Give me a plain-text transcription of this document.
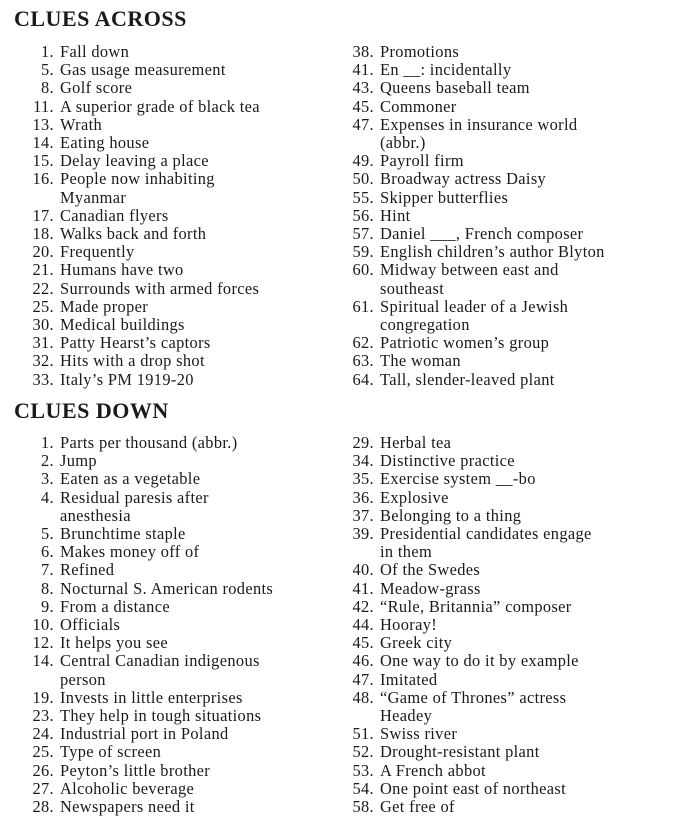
CLUES ACROSS
1. Fall down
5. Gas usage measurement
8. Golf score
11. A superior grade of black tea
13. Wrath
14. Eating house
15. Delay leaving a place
16. People now inhabiting
Myanmar
17. Canadian flyers
18. Walks back and forth
20. Frequently
21. Humans have two
22. Surrounds with armed forces
25. Made proper
30. Medical buildings
31. Patty Hearst’s captors
32. Hits with a drop shot
33. Italy’s PM 1919-20
38. Promotions
41. En __: incidentally
43. Queens baseball team
45. Commoner
47. Expenses in insurance world
(abbr.)
49. Payroll firm
50. Broadway actress Daisy
55. Skipper butterflies
56. Hint
57. Daniel ___, French composer
59. English children’s author Blyton
60. Midway between east and
southeast
61. Spiritual leader of a Jewish
congregation
62. Patriotic women’s group
63. The woman
64. Tall, slender-leaved plant
CLUES DOWN
1. Parts per thousand (abbr.)
2. Jump
3. Eaten as a vegetable
4. Residual paresis after
anesthesia
5. Brunchtime staple
6. Makes money off of
7. Refined
8. Nocturnal S. American rodents
9. From a distance
10. Officials
12. It helps you see
14. Central Canadian indigenous
person
19. Invests in little enterprises
23. They help in tough situations
24. Industrial port in Poland
25. Type of screen
26. Peyton’s little brother
27. Alcoholic beverage
28. Newspapers need it
29. Herbal tea
34. Distinctive practice
35. Exercise system __-bo
36. Explosive
37. Belonging to a thing
39. Presidential candidates engage
in them
40. Of the Swedes
41. Meadow-grass
42. “Rule, Britannia” composer
44. Hooray!
45. Greek city
46. One way to do it by example
47. Imitated
48. “Game of Thrones” actress
Headey
51. Swiss river
52. Drought-resistant plant
53. A French abbot
54. One point east of northeast
58. Get free of
